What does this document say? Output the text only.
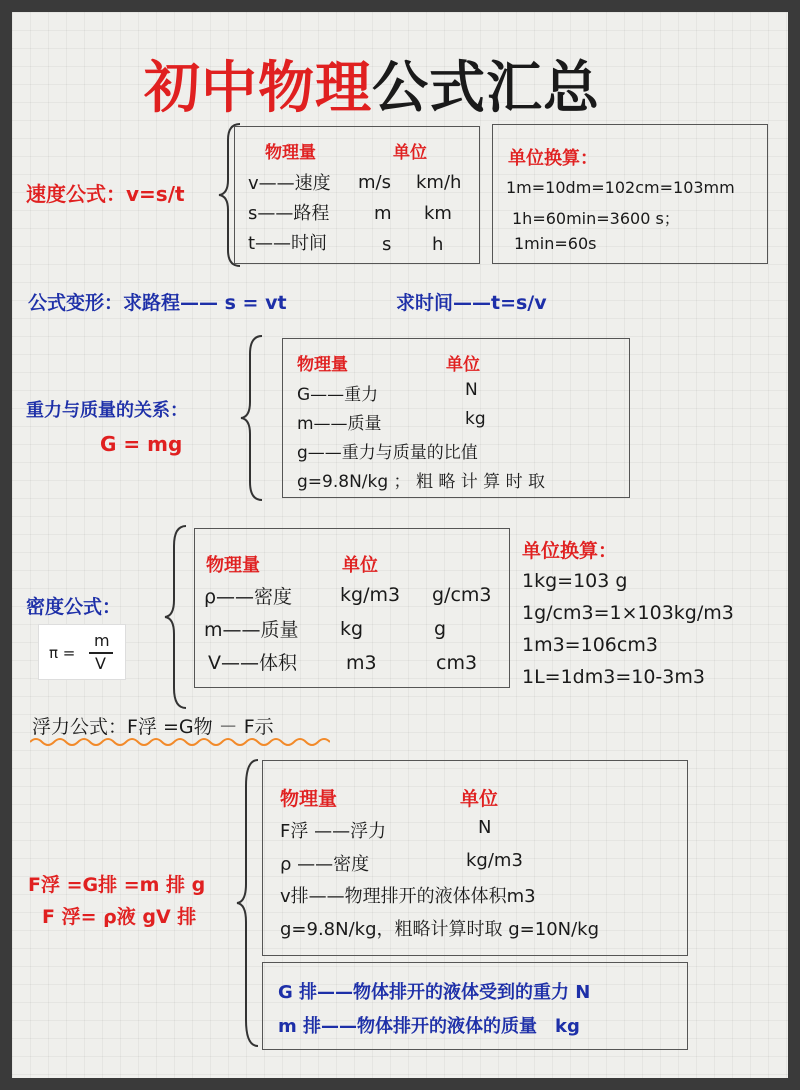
初中物理公式汇总
速度公式：v=s/t
物理量	单位
v——速度 m/s km/h
s——路程 m km
t——时间	s h
单位换算：
1m=10dm=102cm=103mm
1h=60min=3600 s；
1min=60s
公式变形：求路程—— s = vt	求时间——t=s/v
重力与质量的关系：
G = mg
物理量	单位
G——重力	N
m——质量	kg
g——重力与质量的比值
g=9.8N/kg ； 粗 略 计 算 时 取
密度公式：
π =
m
V
物理量	单位
ρ——密度	kg/m3 g/cm3
m——质量 kg	g
V——体积	m3	cm3
单位换算：
1kg=103 g
1g/cm3=1×103kg/m3
1m3=106cm3
1L=1dm3=10-3m3
浮力公式：F浮 =G物 － F示
F浮 =G排 =m 排 g
F 浮= ρ液 gV 排
物理量	单位
F浮 ——浮力	N
ρ ——密度	kg/m3
v排——物理排开的液体体积m3
g=9.8N/kg，粗略计算时取 g=10N/kg
G 排——物体排开的液体受到的重力 N
m 排——物体排开的液体的质量　kg
